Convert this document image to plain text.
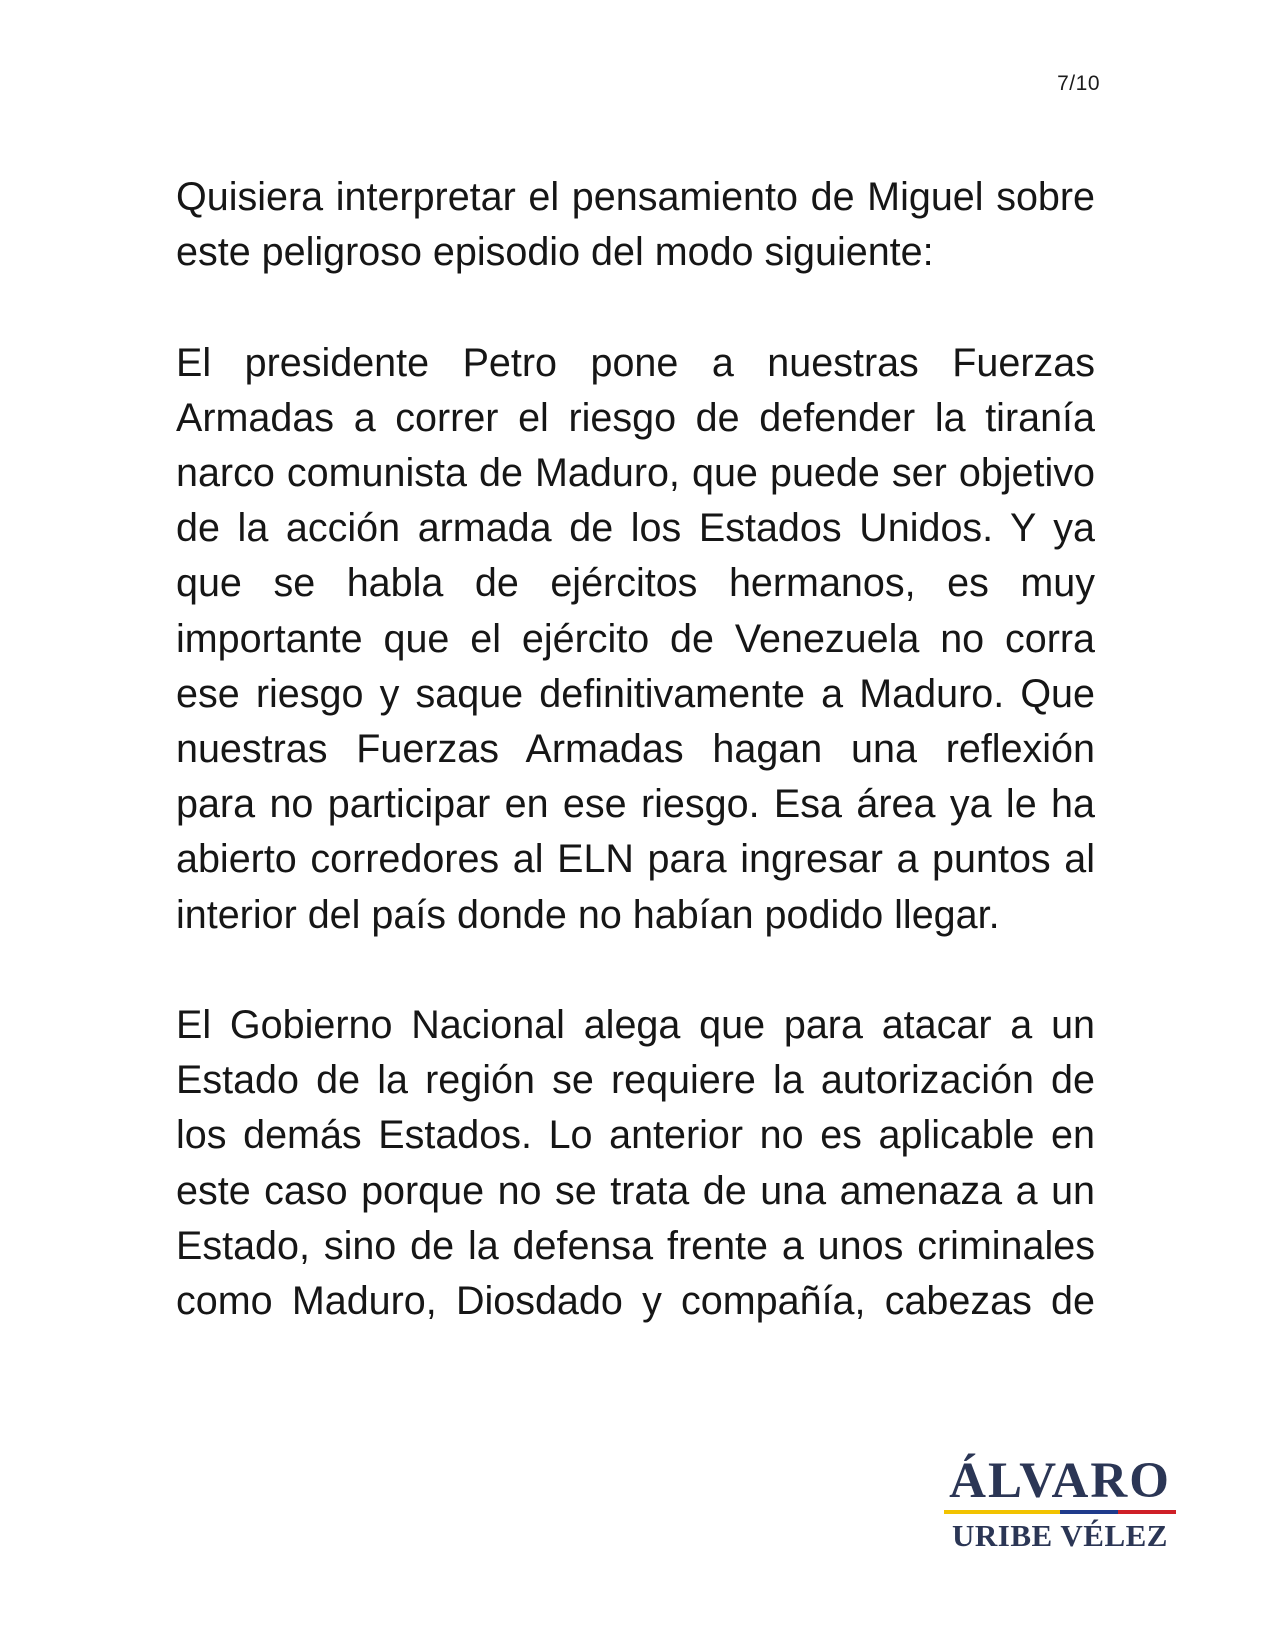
7/10

Quisiera interpretar el pensamiento de Miguel sobre este peligroso episodio del modo siguiente:

El presidente Petro pone a nuestras Fuerzas Armadas a correr el riesgo de defender la tiranía narco comunista de Maduro, que puede ser objetivo de la acción armada de los Estados Unidos. Y ya que se habla de ejércitos hermanos, es muy importante que el ejército de Venezuela no corra ese riesgo y saque definitivamente a Maduro. Que nuestras Fuerzas Armadas hagan una reflexión para no participar en ese riesgo. Esa área ya le ha abierto corredores al ELN para ingresar a puntos al interior del país donde no habían podido llegar.

El Gobierno Nacional alega que para atacar a un Estado de la región se requiere la autorización de los demás Estados. Lo anterior no es aplicable en este caso porque no se trata de una amenaza a un Estado, sino de la defensa frente a unos criminales como Maduro, Diosdado y compañía, cabezas de

ÁLVARO
URIBE VÉLEZ
